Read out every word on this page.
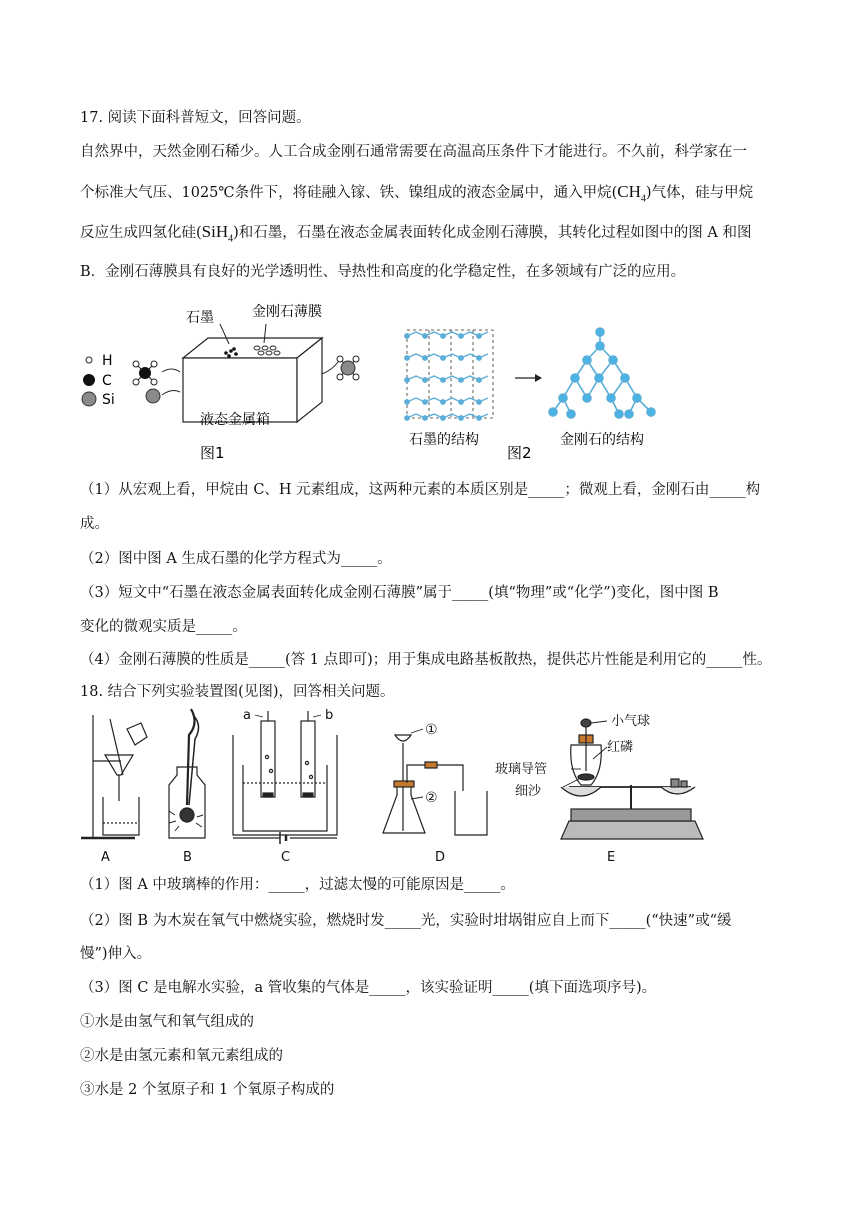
17. 阅读下面科普短文，回答问题。
自然界中，天然金刚石稀少。人工合成金刚石通常需要在高温高压条件下才能进行。不久前，科学家在一
个标准大气压、1025℃条件下，将硅融入镓、铁、镍组成的液态金属中，通入甲烷$(CH_4)$气体，硅与甲烷
反应生成四氢化硅(SiH$_4$)和石墨，石墨在液态金属表面转化成金刚石薄膜，其转化过程如图中的图 A 和图
B．金刚石薄膜具有良好的光学透明性、导热性和高度的化学稳定性，在多领域有广泛的应用。
H
C
Si
石墨	金刚石薄膜
液态金属箱
图1
石墨的结构
图2
金刚石的结构
（1）从宏观上看，甲烷由 C、H 元素组成，这两种元素的本质区别是_____；微观上看，金刚石由_____构
成。
（2）图中图 A 生成石墨的化学方程式为_____。
（3）短文中“石墨在液态金属表面转化成金刚石薄膜”属于_____(填“物理”或“化学”)变化，图中图 B
变化的微观实质是_____。
（4）金刚石薄膜的性质是_____(答 1 点即可)；用于集成电路基板散热，提供芯片性能是利用它的_____性。
18. 结合下列实验装置图(见图)，回答相关问题。
A	B
a	b
C
①
②
D
小气球
红磷
玻璃导管
细沙
E
（1）图 A 中玻璃棒的作用：_____，过滤太慢的可能原因是_____。
（2）图 B 为木炭在氧气中燃烧实验，燃烧时发_____光，实验时坩埚钳应自上而下_____(“快速”或“缓
慢”)伸入。
（3）图 C 是电解水实验，a 管收集的气体是_____，该实验证明_____(填下面选项序号)。
①水是由氢气和氧气组成的
②水是由氢元素和氧元素组成的
③水是 2 个氢原子和 1 个氧原子构成的
